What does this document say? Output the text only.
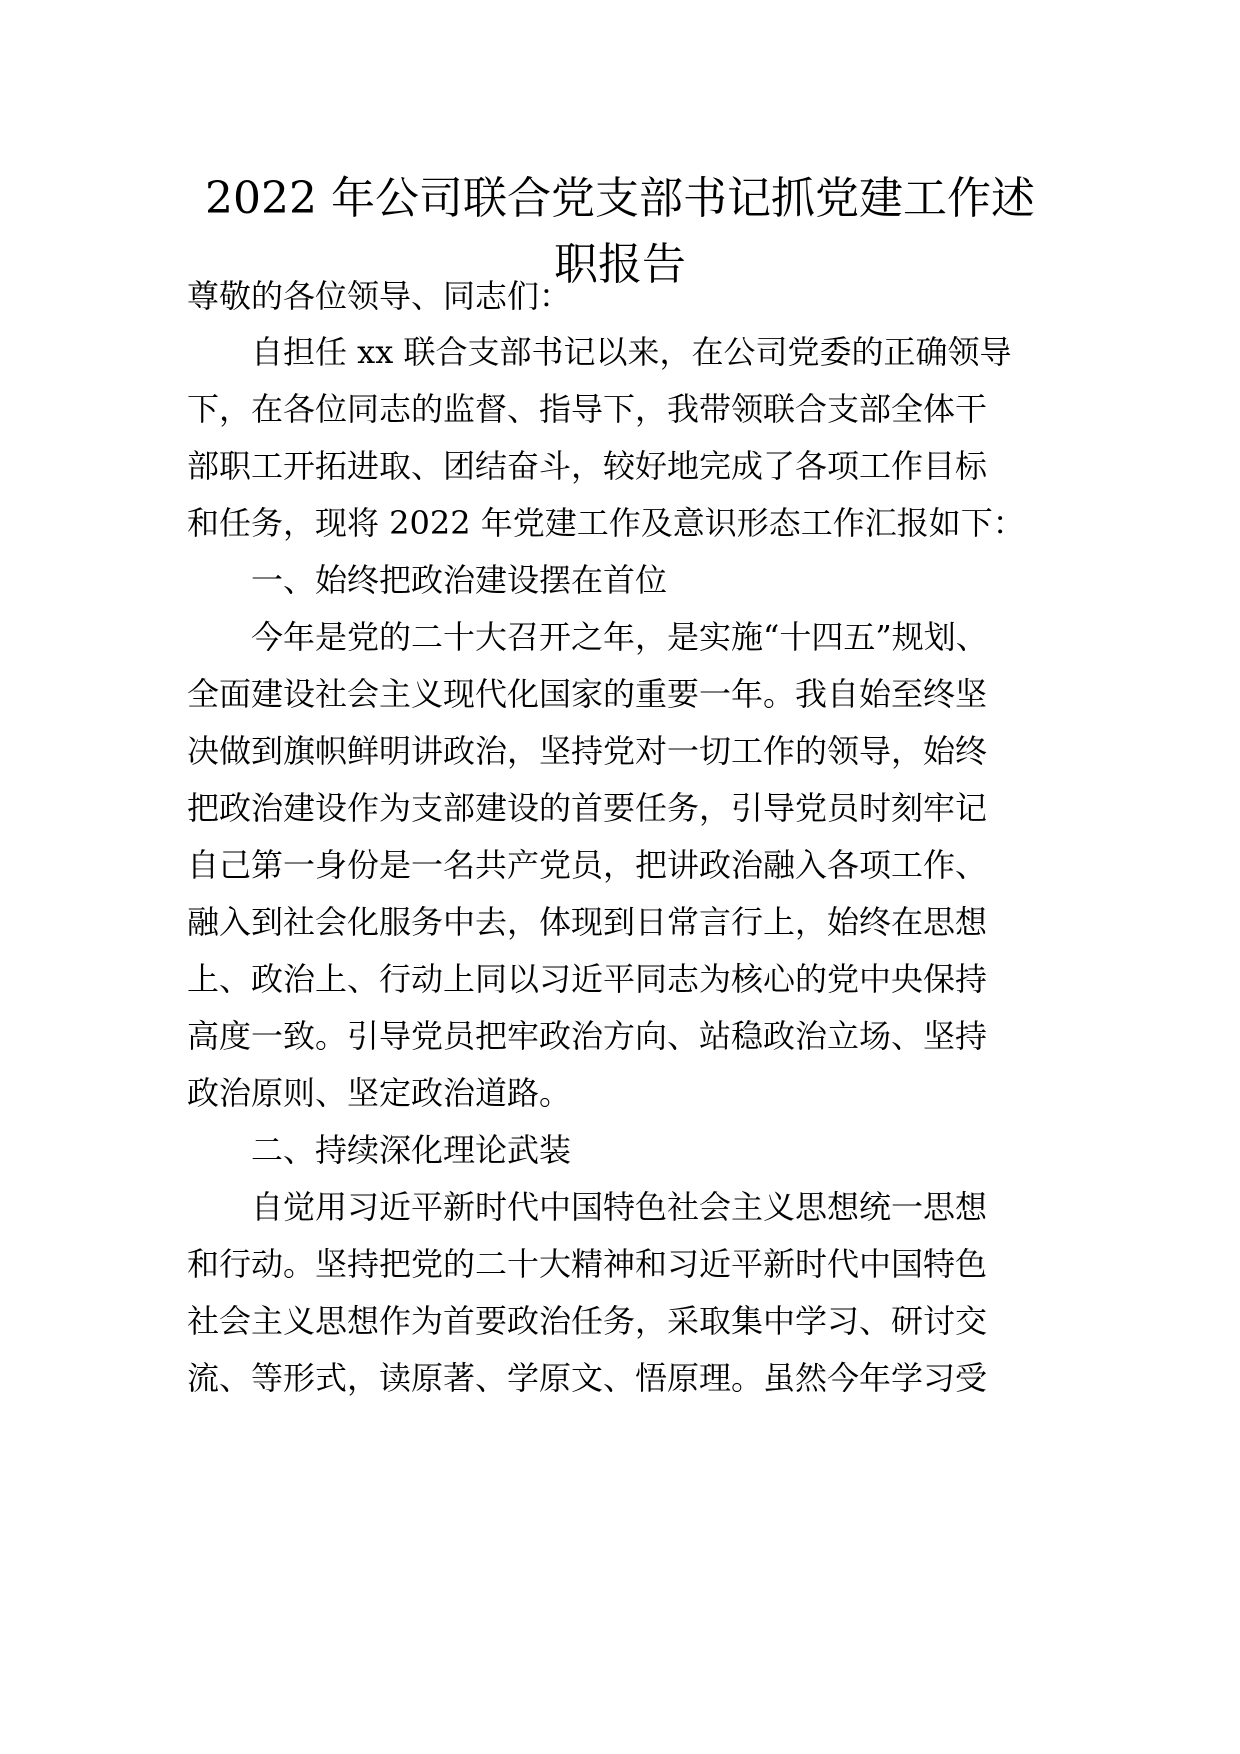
2022 年公司联合党支部书记抓党建工作述
职报告

尊敬的各位领导、同志们：

　　自担任 xx 联合支部书记以来，在公司党委的正确领导

下，在各位同志的监督、指导下，我带领联合支部全体干

部职工开拓进取、团结奋斗，较好地完成了各项工作目标

和任务，现将 2022 年党建工作及意识形态工作汇报如下：

　　一、始终把政治建设摆在首位

　　今年是党的二十大召开之年，是实施“十四五”规划、

全面建设社会主义现代化国家的重要一年。我自始至终坚

决做到旗帜鲜明讲政治，坚持党对一切工作的领导，始终

把政治建设作为支部建设的首要任务，引导党员时刻牢记

自己第一身份是一名共产党员，把讲政治融入各项工作、

融入到社会化服务中去，体现到日常言行上，始终在思想

上、政治上、行动上同以习近平同志为核心的党中央保持

高度一致。引导党员把牢政治方向、站稳政治立场、坚持

政治原则、坚定政治道路。

　　二、持续深化理论武装

　　自觉用习近平新时代中国特色社会主义思想统一思想

和行动。坚持把党的二十大精神和习近平新时代中国特色

社会主义思想作为首要政治任务，采取集中学习、研讨交

流、等形式，读原著、学原文、悟原理。虽然今年学习受
